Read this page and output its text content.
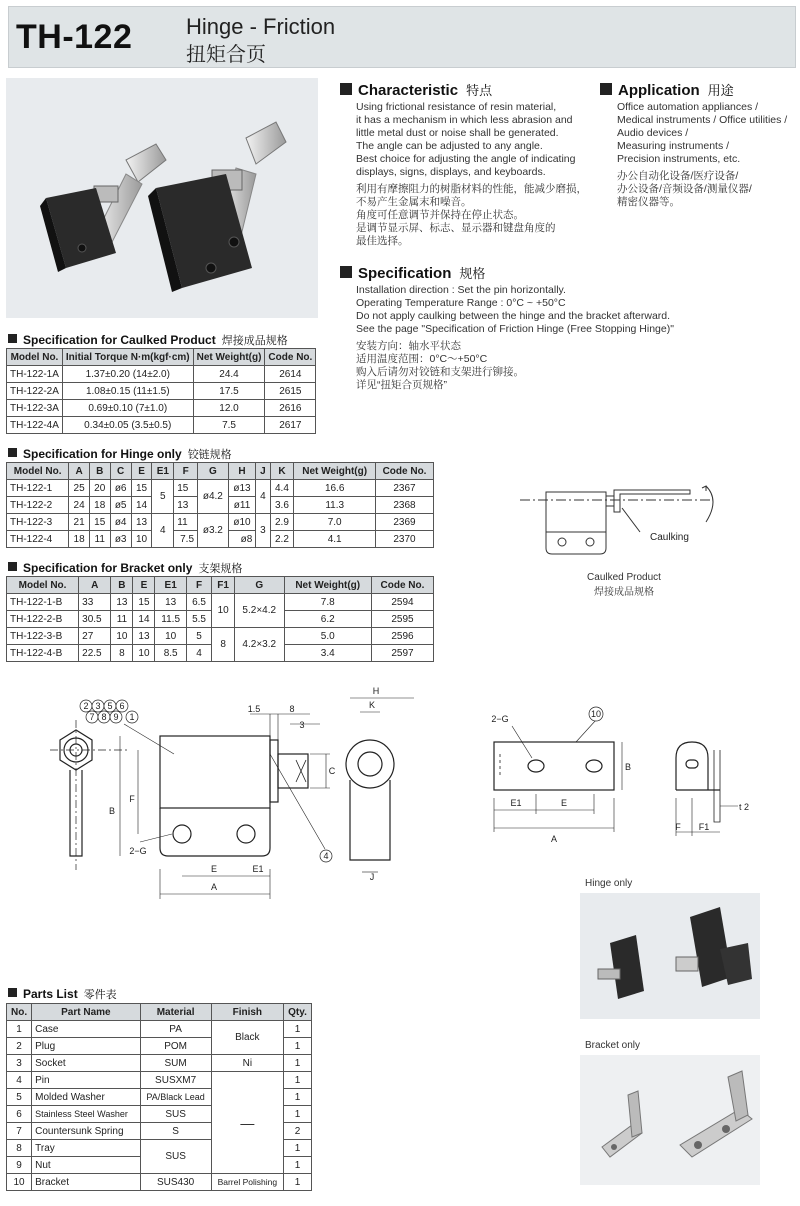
TH-122 Hinge - Friction
扭矩合页
Characteristic 特点
Using frictional resistance of resin material,
it has a mechanism in which less abrasion and
little metal dust or noise shall be generated.
The angle can be adjusted to any angle.
Best choice for adjusting the angle of indicating
displays, signs, displays, and keyboards.
利用有摩擦阻力的树脂材料的性能，能减少磨损，
不易产生金属末和噪音。
角度可任意调节并保持在停止状态。
是调节显示屏、标志、显示器和键盘角度的
最佳选择。
Application 用途
Office automation appliances /
Medical instruments / Office utilities /
Audio devices /
Measuring instruments /
Precision instruments, etc.
办公自动化设备/医疗设备/
办公设备/音频设备/测量仪器/
精密仪器等。
Specification 规格
Installation direction : Set the pin horizontally.
Operating Temperature Range : 0°C ~ +50°C
Do not apply caulking between the hinge and the bracket afterward.
See the page "Specification of Friction Hinge (Free Stopping Hinge)"
安装方向：轴水平状态
适用温度范围：0°C～+50°C
购入后请勿对铰链和支架进行铆接。
详见“扭矩合页规格”
Specification for Caulked Product 焊接成品规格
Model No.	Initial Torque N·m(kgf·cm)	Net Weight(g)	Code No.
TH-122-1A	1.37±0.20 (14±2.0)	24.4	2614
TH-122-2A	1.08±0.15 (11±1.5)	17.5	2615
TH-122-3A	0.69±0.10 (7±1.0)	12.0	2616
TH-122-4A	0.34±0.05 (3.5±0.5)	7.5	2617
Specification for Hinge only 铰链规格
Model No.	A	B	C	E	E1	F	G	H	J	K	Net Weight(g)	Code No.
TH-122-1	25	20	ø6	15	5	15	ø4.2	ø13	4	4.4	16.6	2367
TH-122-2	24	18	ø5	14		13		ø11		3.6	11.3	2368
TH-122-3	21	15	ø4	13	4	11	ø3.2	ø10	3	2.9	7.0	2369
TH-122-4	18	11	ø3	10		7.5		ø8		2.2	4.1	2370
Specification for Bracket only 支架规格
Model No.	A	B	E	E1	F	F1	G	Net Weight(g)	Code No.
TH-122-1-B	33	13	15	13	6.5	10	5.2×4.2	7.8	2594
TH-122-2-B	30.5	11	14	11.5	5.5			6.2	2595
TH-122-3-B	27	10	13	10	5	8	4.2×3.2	5.0	2596
TH-122-4-B	22.5	8	10	8.5	4			3.4	2597
Caulking
Caulked Product
焊接成品规格
2 3 5 6
7 8 9 1
4
1.5	8
3
H
K
C
B
F
E	E1
A
J
2−G
10
2−G
E1	E
A
B
F F1
t 2
Hinge only
Bracket only
Parts List 零件表
No.	Part Name	Material	Finish	Qty.
1	Case	PA	Black	1
2	Plug	POM		1
3	Socket	SUM	Ni	1
4	Pin	SUSXM7	—	1
5	Molded Washer	PA/Black Lead		1
6	Stainless Steel Washer	SUS		1
7	Countersunk Spring	S		2
8	Tray	SUS		1
9	Nut			1
10	Bracket	SUS430	Barrel Polishing	1
